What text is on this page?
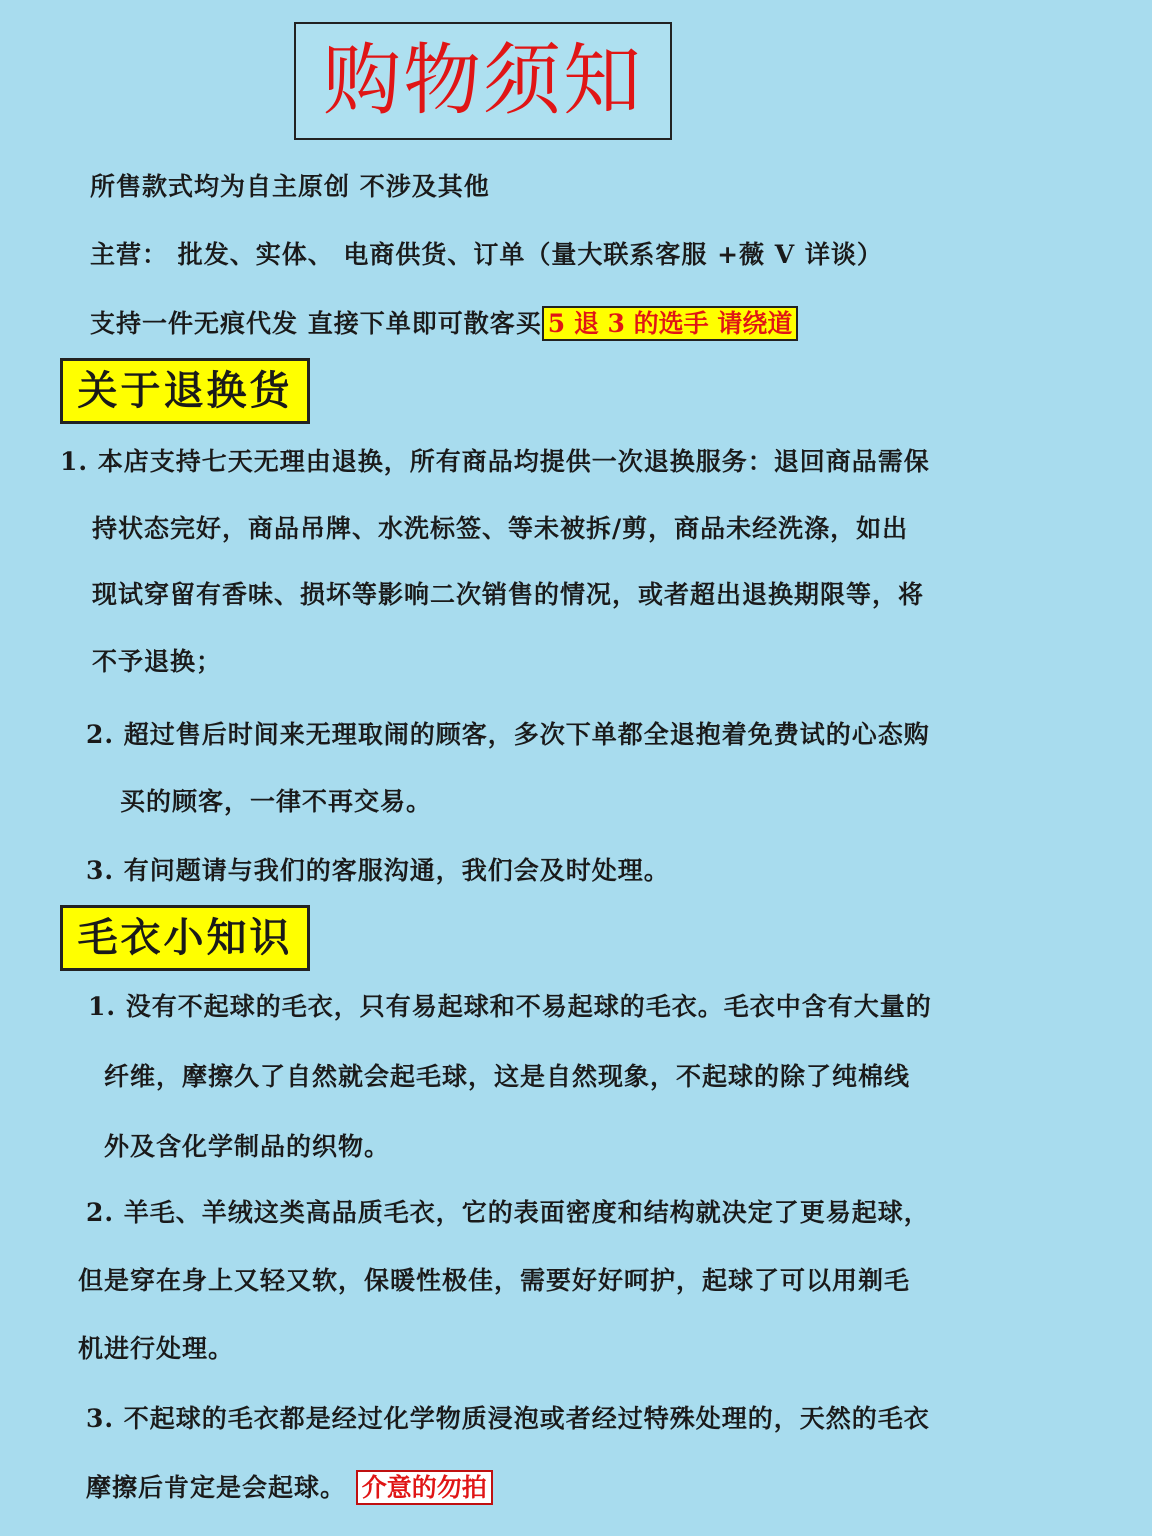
购物须知
所售款式均为自主原创 不涉及其他
主营： 批发、实体、 电商供货、订单（量大联系客服 +薇 V 详谈）
支持一件无痕代发 直接下单即可散客买 5 退 3 的选手 请绕道
关于退换货
1. 本店支持七天无理由退换，所有商品均提供一次退换服务：退回商品需保
持状态完好，商品吊牌、水洗标签、等未被拆/剪，商品未经洗涤，如出
现试穿留有香味、损坏等影响二次销售的情况，或者超出退换期限等，将
不予退换；
2. 超过售后时间来无理取闹的顾客，多次下单都全退抱着免费试的心态购
买的顾客，一律不再交易。
3. 有问题请与我们的客服沟通，我们会及时处理。
毛衣小知识
1. 没有不起球的毛衣，只有易起球和不易起球的毛衣。毛衣中含有大量的
纤维，摩擦久了自然就会起毛球，这是自然现象，不起球的除了纯棉线
外及含化学制品的织物。
2. 羊毛、羊绒这类高品质毛衣，它的表面密度和结构就决定了更易起球，
但是穿在身上又轻又软，保暖性极佳，需要好好呵护，起球了可以用剃毛
机进行处理。
3. 不起球的毛衣都是经过化学物质浸泡或者经过特殊处理的，天然的毛衣
摩擦后肯定是会起球。 介意的勿拍
